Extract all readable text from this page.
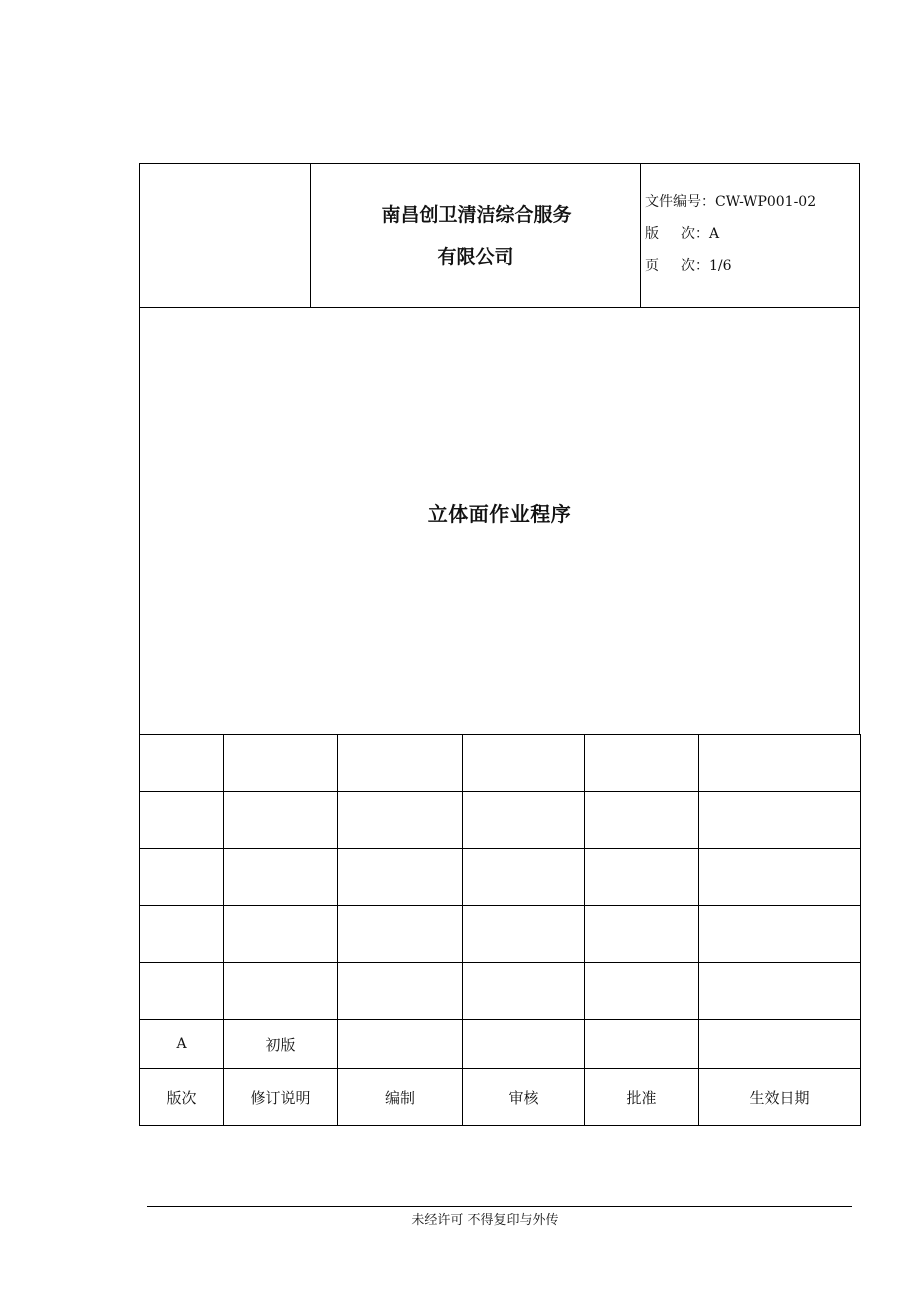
南昌创卫清洁综合服务
有限公司
文件编号： CW-WP001-02
版 次： A
页 次： 1/6
立体面作业程序

A	初版				
版次	修订说明	编制	审核	批准	生效日期
未经许可 不得复印与外传
